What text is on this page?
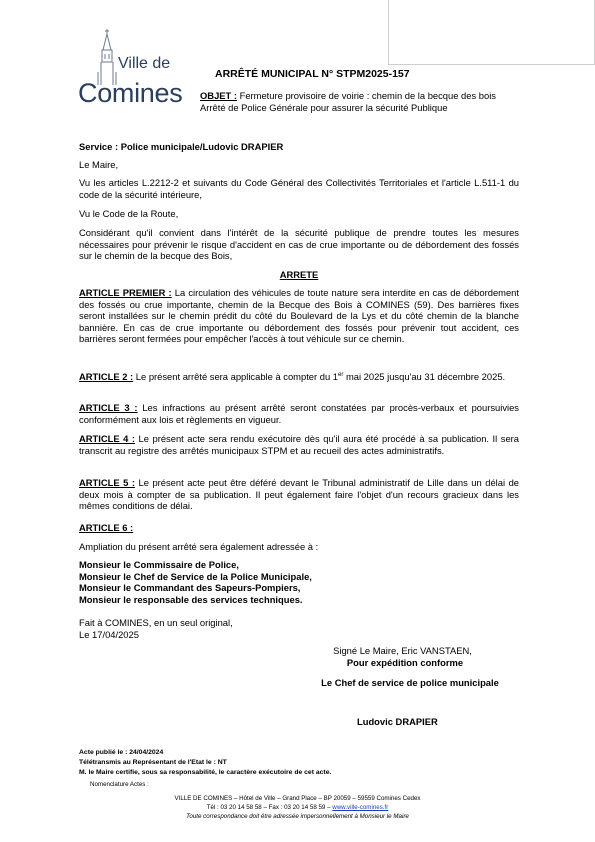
Ville de
Comines
ARRÊTÉ MUNICIPAL N° STPM2025-157
OBJET : Fermeture provisoire de voirie : chemin de la becque des bois
Arrêté de Police Générale pour assurer la sécurité Publique
Service : Police municipale/Ludovic DRAPIER
Le Maire,
Vu les articles L.2212-2 et suivants du Code Général des Collectivités Territoriales et l'article L.511-1 du code de la sécurité intérieure,
Vu le Code de la Route,
Considérant qu'il convient dans l'intérêt de la sécurité publique de prendre toutes les mesures nécessaires pour prévenir le risque d'accident en cas de crue importante ou de débordement des fossés sur le chemin de la becque des Bois,
ARRETE
ARTICLE PREMIER : La circulation des véhicules de toute nature sera interdite en cas de débordement des fossés ou crue importante, chemin de la Becque des Bois à COMINES (59). Des barrières fixes seront installées sur le chemin prédit du côté du Boulevard de la Lys et du côté chemin de la blanche bannière. En cas de crue importante ou débordement des fossés pour prévenir tout accident, ces barrières seront fermées pour empêcher l'accès à tout véhicule sur ce chemin.
ARTICLE 2 : Le présent arrêté sera applicable à compter du 1er mai 2025 jusqu'au 31 décembre 2025.
ARTICLE 3 : Les infractions au présent arrêté seront constatées par procès-verbaux et poursuivies conformément aux lois et règlements en vigueur.
ARTICLE 4 : Le présent acte sera rendu exécutoire dès qu'il aura été procédé à sa publication. Il sera transcrit au registre des arrêtés municipaux STPM et au recueil des actes administratifs.
ARTICLE 5 : Le présent acte peut être déféré devant le Tribunal administratif de Lille dans un délai de deux mois à compter de sa publication. Il peut également faire l'objet d'un recours gracieux dans les mêmes conditions de délai.
ARTICLE 6 :
Ampliation du présent arrêté sera également adressée à :
Monsieur le Commissaire de Police,
Monsieur le Chef de Service de la Police Municipale,
Monsieur le Commandant des Sapeurs-Pompiers,
Monsieur le responsable des services techniques.
Fait à COMINES, en un seul original,
Le 17/04/2025
Signé Le Maire, Eric VANSTAEN,
Pour expédition conforme
Le Chef de service de police municipale
Ludovic DRAPIER
Acte publié le : 24/04/2024
Télétransmis au Représentant de l'Etat le : NT
M. le Maire certifie, sous sa responsabilité, le caractère exécutoire de cet acte.
Nomenclature Actes :
VILLE DE COMINES – Hôtel de Ville – Grand Place – BP 20059 – 59559 Comines Cedex
Tél : 03 20 14 58 58 – Fax : 03 20 14 58 59 – www.ville-comines.fr
Toute correspondance doit être adressée impersonnellement à Monsieur le Maire
